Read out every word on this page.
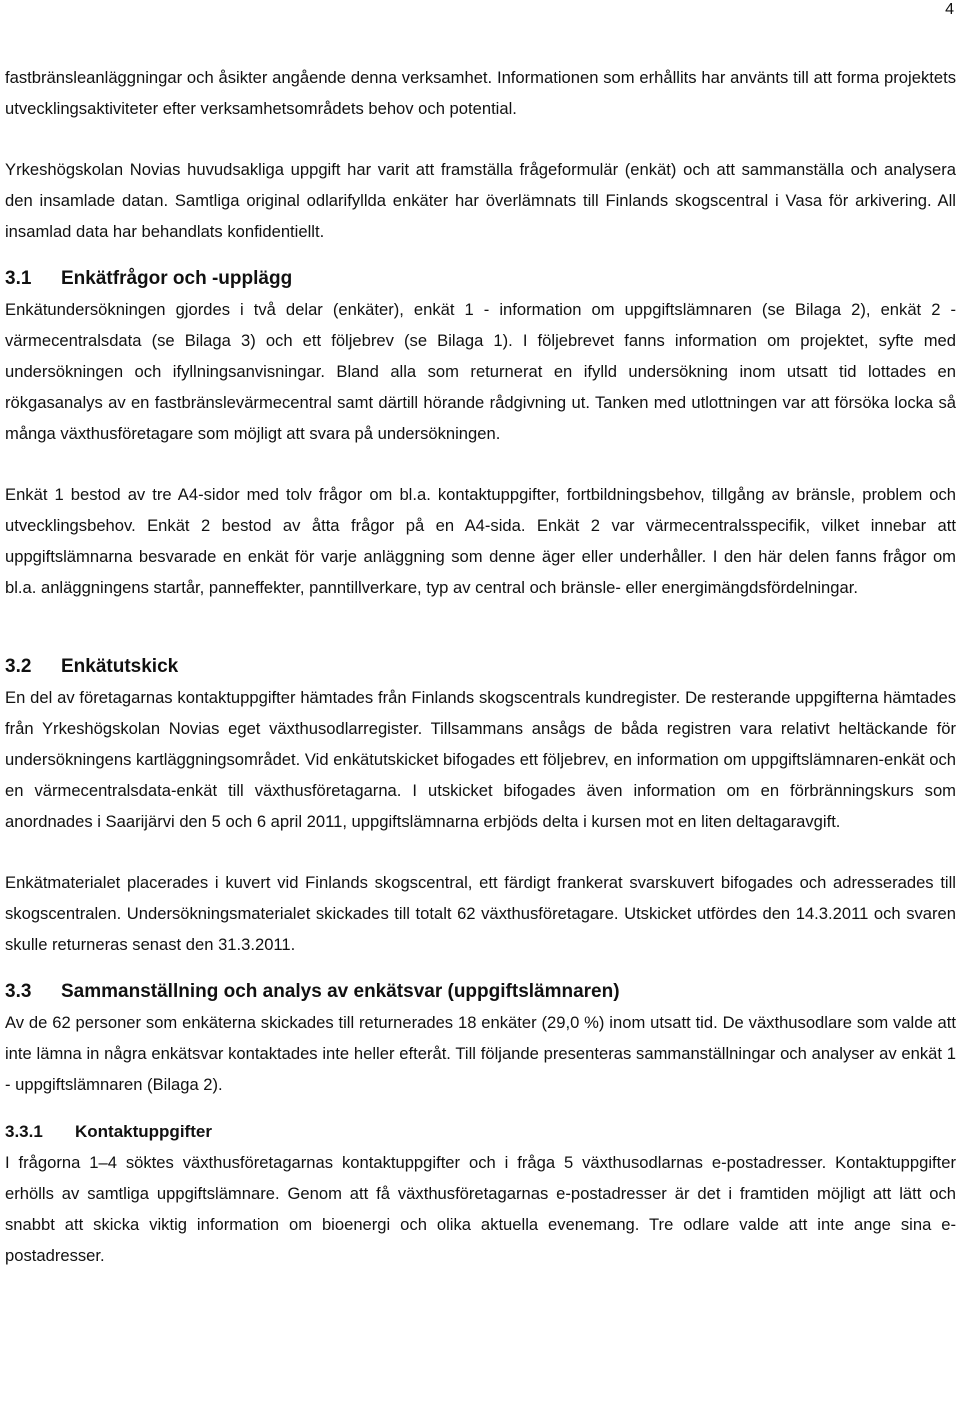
4

fastbränsleanläggningar och åsikter angående denna verksamhet. Informationen som erhållits har använts till att forma projektets utvecklingsaktiviteter efter verksamhetsområdets behov och potential.

Yrkeshögskolan Novias huvudsakliga uppgift har varit att framställa frågeformulär (enkät) och att sammanställa och analysera den insamlade datan. Samtliga original odlarifyllda enkäter har överlämnats till Finlands skogscentral i Vasa för arkivering. All insamlad data har behandlats konfidentiellt.

3.1	Enkätfrågor och -upplägg

Enkätundersökningen gjordes i två delar (enkäter), enkät 1 - information om uppgiftslämnaren (se Bilaga 2), enkät 2 - värmecentralsdata (se Bilaga 3) och ett följebrev (se Bilaga 1). I följebrevet fanns information om projektet, syfte med undersökningen och ifyllningsanvisningar. Bland alla som returnerat en ifylld undersökning inom utsatt tid lottades en rökgasanalys av en fastbränslevärmecentral samt därtill hörande rådgivning ut. Tanken med utlottningen var att försöka locka så många växthusföretagare som möjligt att svara på undersökningen.

Enkät 1 bestod av tre A4-sidor med tolv frågor om bl.a. kontaktuppgifter, fortbildningsbehov, tillgång av bränsle, problem och utvecklingsbehov. Enkät 2 bestod av åtta frågor på en A4-sida. Enkät 2 var värmecentralsspecifik, vilket innebar att uppgiftslämnarna besvarade en enkät för varje anläggning som denne äger eller underhåller. I den här delen fanns frågor om bl.a. anläggningens startår, panneffekter, panntillverkare, typ av central och bränsle- eller energimängdsfördelningar.

3.2	Enkätutskick

En del av företagarnas kontaktuppgifter hämtades från Finlands skogscentrals kundregister. De resterande uppgifterna hämtades från Yrkeshögskolan Novias eget växthusodlarregister. Tillsammans ansågs de båda registren vara relativt heltäckande för undersökningens kartläggningsområdet. Vid enkätutskicket bifogades ett följebrev, en information om uppgiftslämnaren-enkät och en värmecentralsdata-enkät till växthusföretagarna. I utskicket bifogades även information om en förbränningskurs som anordnades i Saarijärvi den 5 och 6 april 2011, uppgiftslämnarna erbjöds delta i kursen mot en liten deltagaravgift.

Enkätmaterialet placerades i kuvert vid Finlands skogscentral, ett färdigt frankerat svarskuvert bifogades och adresserades till skogscentralen. Undersökningsmaterialet skickades till totalt 62 växthusföretagare. Utskicket utfördes den 14.3.2011 och svaren skulle returneras senast den 31.3.2011.

3.3	Sammanställning och analys av enkätsvar (uppgiftslämnaren)

Av de 62 personer som enkäterna skickades till returnerades 18 enkäter (29,0 %) inom utsatt tid. De växthusodlare som valde att inte lämna in några enkätsvar kontaktades inte heller efteråt. Till följande presenteras sammanställningar och analyser av enkät 1 - uppgiftslämnaren (Bilaga 2).

3.3.1	Kontaktuppgifter

I frågorna 1–4 söktes växthusföretagarnas kontaktuppgifter och i fråga 5 växthusodlarnas e-postadresser. Kontaktuppgifter erhölls av samtliga uppgiftslämnare. Genom att få växthusföretagarnas e-postadresser är det i framtiden möjligt att lätt och snabbt att skicka viktig information om bioenergi och olika aktuella evenemang. Tre odlare valde att inte ange sina e-postadresser.
